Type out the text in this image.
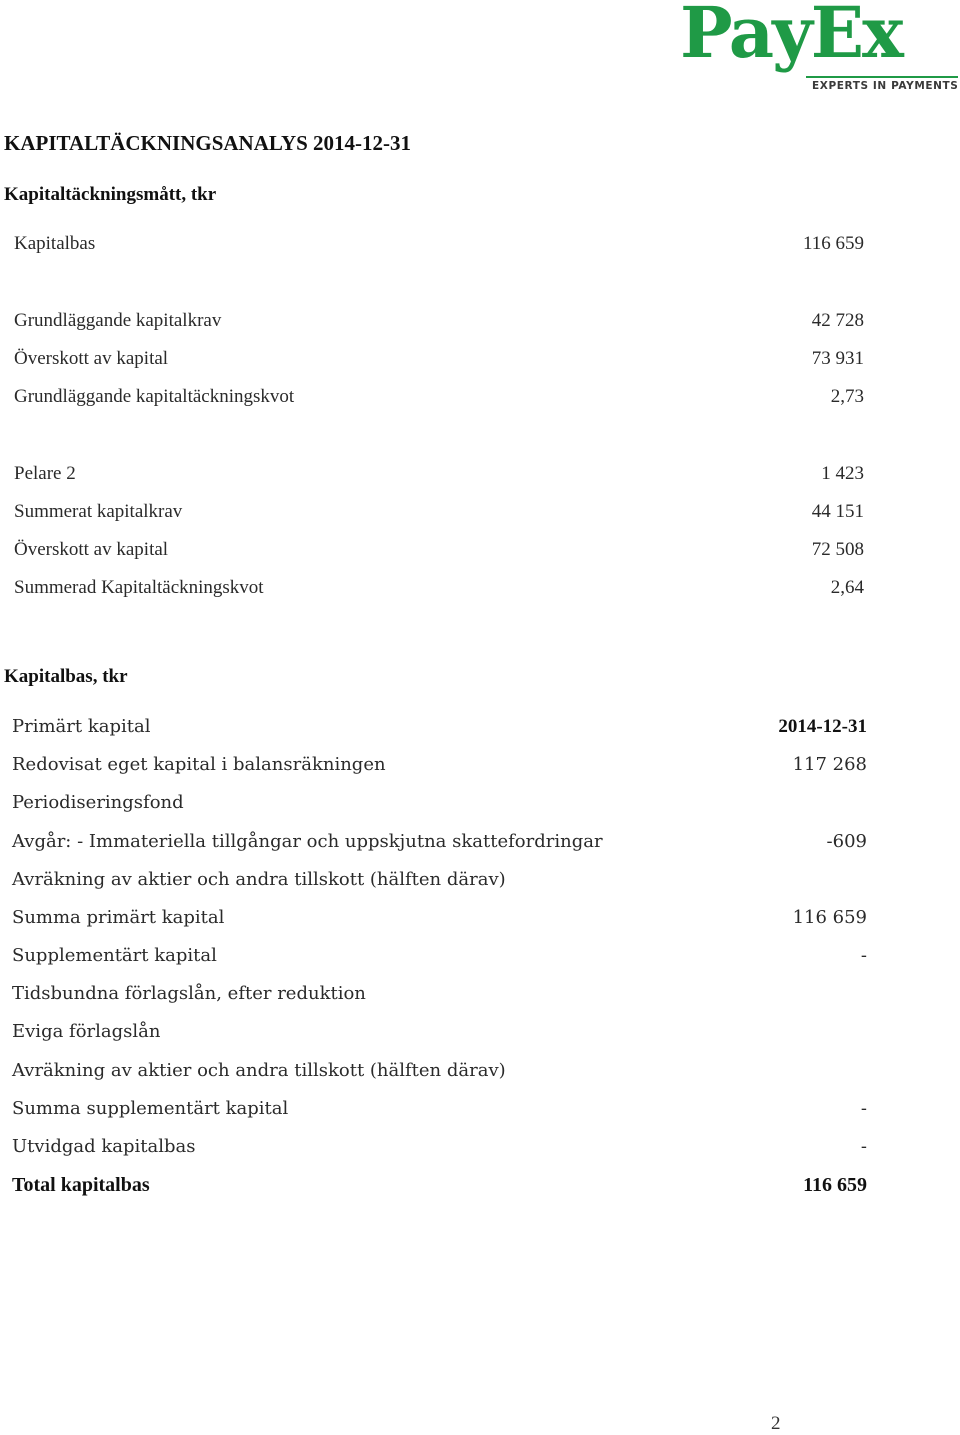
PayEx
EXPERTS IN PAYMENTS
KAPITALTÄCKNINGSANALYS 2014-12-31
Kapitaltäckningsmått, tkr
Kapitalbas	116 659
Grundläggande kapitalkrav	42 728
Överskott av kapital	73 931
Grundläggande kapitaltäckningskvot	2,73
Pelare 2	1 423
Summerat kapitalkrav	44 151
Överskott av kapital	72 508
Summerad Kapitaltäckningskvot	2,64
Kapitalbas, tkr
Primärt kapital	2014-12-31
Redovisat eget kapital i balansräkningen	117 268
Periodiseringsfond
Avgår: - Immateriella tillgångar och uppskjutna skattefordringar	-609
Avräkning av aktier och andra tillskott (hälften därav)
Summa primärt kapital	116 659
Supplementärt kapital	-
Tidsbundna förlagslån, efter reduktion
Eviga förlagslån
Avräkning av aktier och andra tillskott (hälften därav)
Summa supplementärt kapital	-
Utvidgad kapitalbas	-
Total kapitalbas	116 659
2
